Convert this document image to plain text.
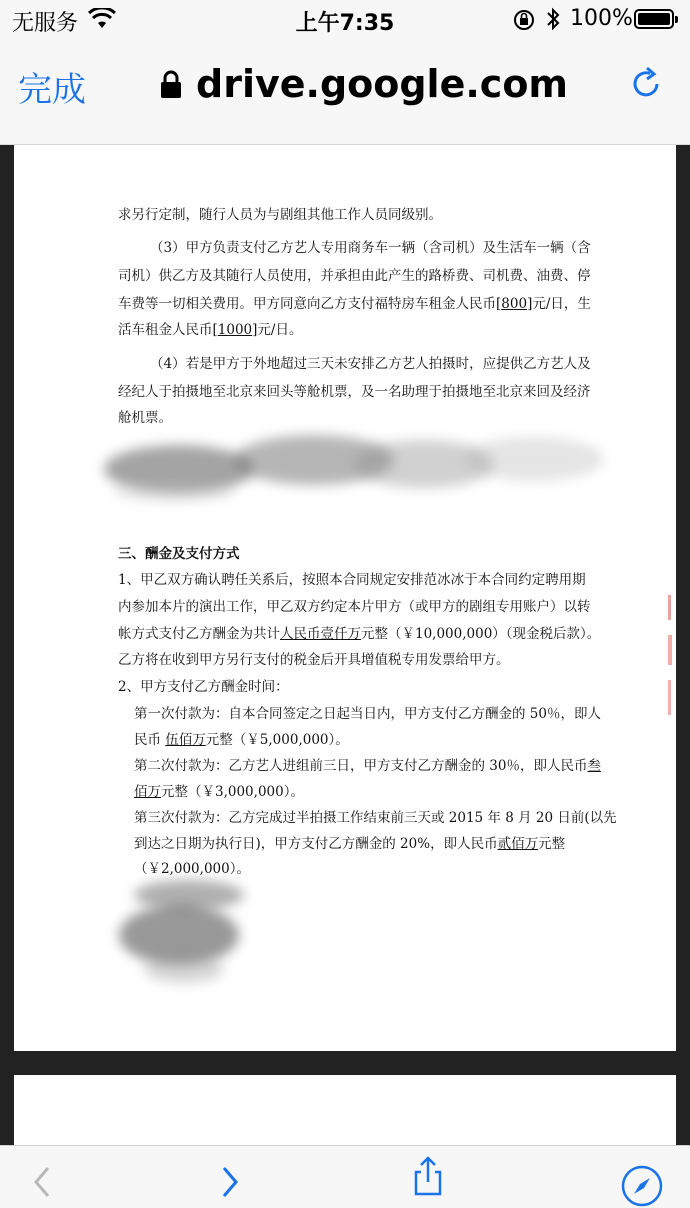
无服务	上午7:35	100%
完成	drive.google.com
求另行定制，随行人员为与剧组其他工作人员同级别。
（3）甲方负责支付乙方艺人专用商务车一辆（含司机）及生活车一辆（含
司机）供乙方及其随行人员使用，并承担由此产生的路桥费、司机费、油费、停
车费等一切相关费用。甲方同意向乙方支付福特房车租金人民币[800]元/日，生
活车租金人民币[1000]元/日。
（4）若是甲方于外地超过三天未安排乙方艺人拍摄时，应提供乙方艺人及
经纪人于拍摄地至北京来回头等舱机票，及一名助理于拍摄地至北京来回及经济
舱机票。
三、酬金及支付方式
1、甲乙双方确认聘任关系后，按照本合同规定安排范冰冰于本合同约定聘用期
内参加本片的演出工作，甲乙双方约定本片甲方（或甲方的剧组专用账户）以转
帐方式支付乙方酬金为共计人民币壹仟万元整（￥10,000,000）（现金税后款）。
乙方将在收到甲方另行支付的税金后开具增值税专用发票给甲方。
2、甲方支付乙方酬金时间：
第一次付款为：自本合同签定之日起当日内，甲方支付乙方酬金的 50％，即人
民币 伍佰万元整（￥5,000,000）。
第二次付款为：乙方艺人进组前三日，甲方支付乙方酬金的 30％，即人民币叁
佰万元整（￥3,000,000）。
第三次付款为：乙方完成过半拍摄工作结束前三天或 2015 年 8 月 20 日前(以先
到达之日期为执行日)，甲方支付乙方酬金的 20%，即人民币贰佰万元整
（￥2,000,000）。
